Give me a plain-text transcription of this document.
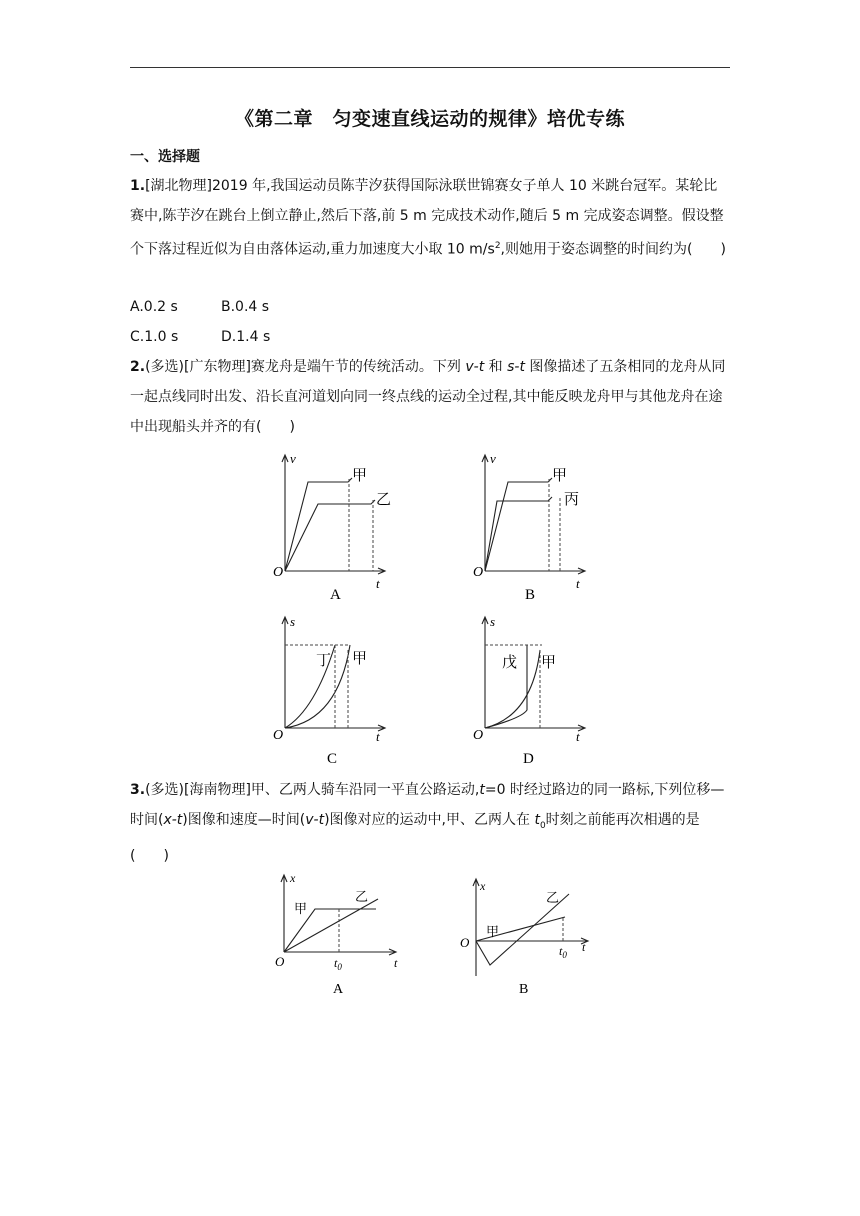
《第二章　匀变速直线运动的规律》培优专练
一、选择题
1.[湖北物理]2019 年,我国运动员陈芋汐获得国际泳联世锦赛女子单人 10 米跳台冠军。某轮比赛中,陈芋汐在跳台上倒立静止,然后下落,前 5 m 完成技术动作,随后 5 m 完成姿态调整。假设整个下落过程近似为自由落体运动,重力加速度大小取 10 $m/s^2$,则她用于姿态调整的时间约为(　　)
A.0.2 s	B.0.4 s
C.1.0 s	D.1.4 s
2.(多选)[广东物理]赛龙舟是端午节的传统活动。下列 v-t 和 s-t 图像描述了五条相同的龙舟从同一起点线同时出发、沿长直河道划向同一终点线的运动全过程,其中能反映龙舟甲与其他龙舟在途中出现船头并齐的有(　　)
v
t
O
甲
乙
A
v
t
O
甲
丙
B
s
t
O
丁 甲
C
s
t
O
戊 甲
D
3.(多选)[海南物理]甲、乙两人骑车沿同一平直公路运动,t=0 时经过路边的同一路标,下列位移—时间(x-t)图像和速度—时间(v-t)图像对应的运动中,甲、乙两人在 $t_0$时刻之前能再次相遇的是(　　)
x
t
O	$t_0$
甲
乙
A
x
t
O
$t_0$
甲
乙
B
